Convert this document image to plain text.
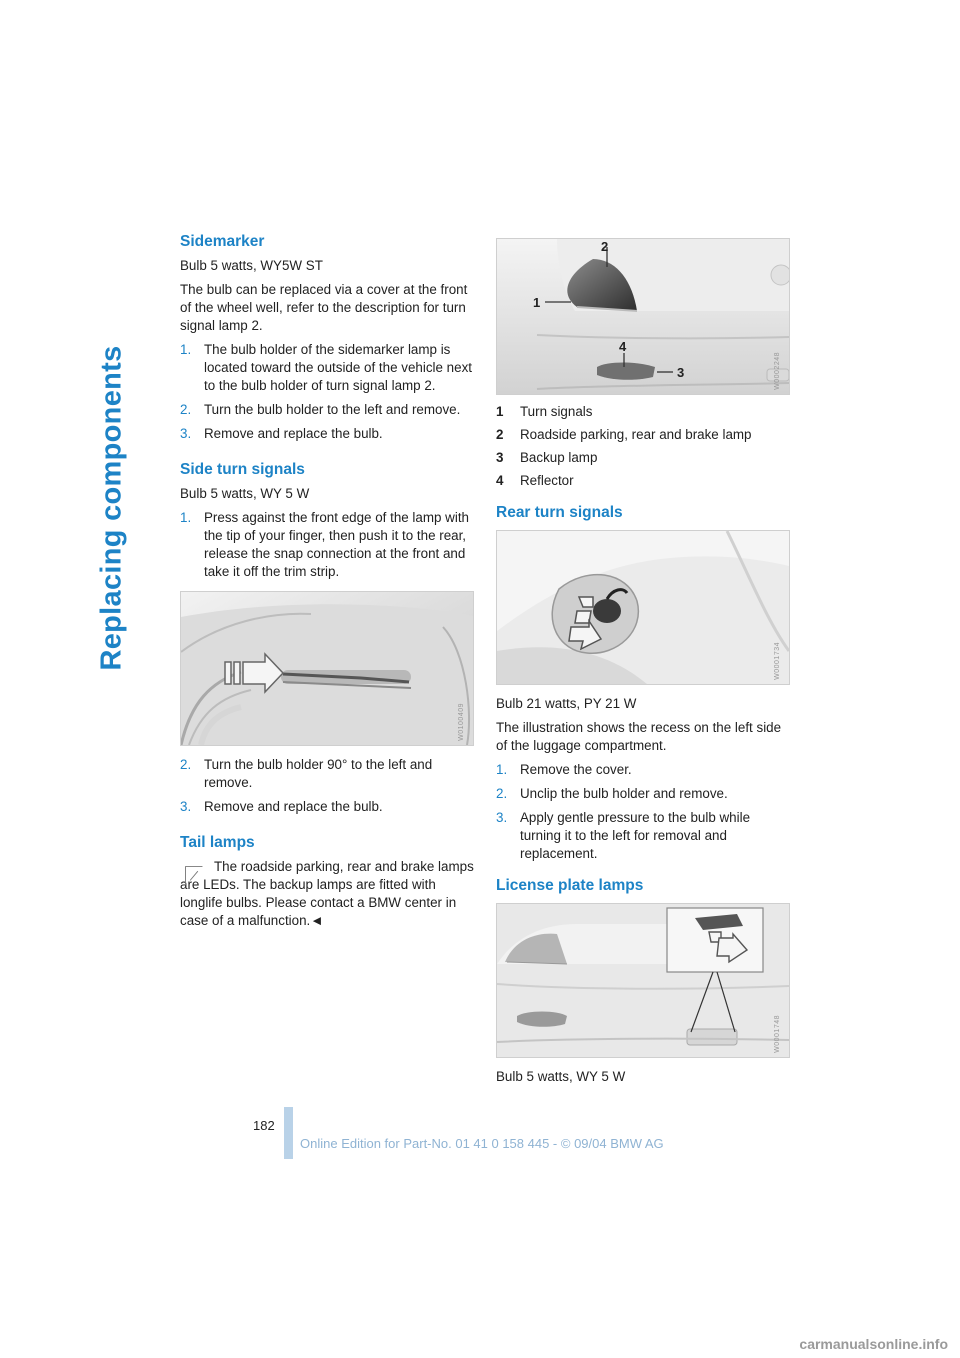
Replacing components
Sidemarker

Bulb 5 watts, WY5W ST

The bulb can be replaced via a cover at the front of the wheel well, refer to the description for turn signal lamp 2.

1. The bulb holder of the sidemarker lamp is located toward the outside of the vehicle next to the bulb holder of turn signal lamp 2.
2. Turn the bulb holder to the left and remove.
3. Remove and replace the bulb.
Side turn signals

Bulb 5 watts, WY 5 W

1. Press against the front edge of the lamp with the tip of your finger, then push it to the rear, release the snap connection at the front and take it off the trim strip.
W0100409
2. Turn the bulb holder 90° to the left and remove.
3. Remove and replace the bulb.
Tail lamps
The roadside parking, rear and brake lamps are LEDs. The backup lamps are fitted with longlife bulbs. Please contact a BMW center in case of a malfunction.◄
1
2
4
3	W0002248
1 Turn signals
2 Roadside parking, rear and brake lamp
3 Backup lamp
4 Reflector
Rear turn signals
W0001734

Bulb 21 watts, PY 21 W

The illustration shows the recess on the left side of the luggage compartment.

1. Remove the cover.
2. Unclip the bulb holder and remove.
3. Apply gentle pressure to the bulb while turning it to the left for removal and replacement.
License plate lamps
W0001748

Bulb 5 watts, WY 5 W

182
Online Edition for Part-No. 01 41 0 158 445 - © 09/04 BMW AG
carmanualsonline.info
